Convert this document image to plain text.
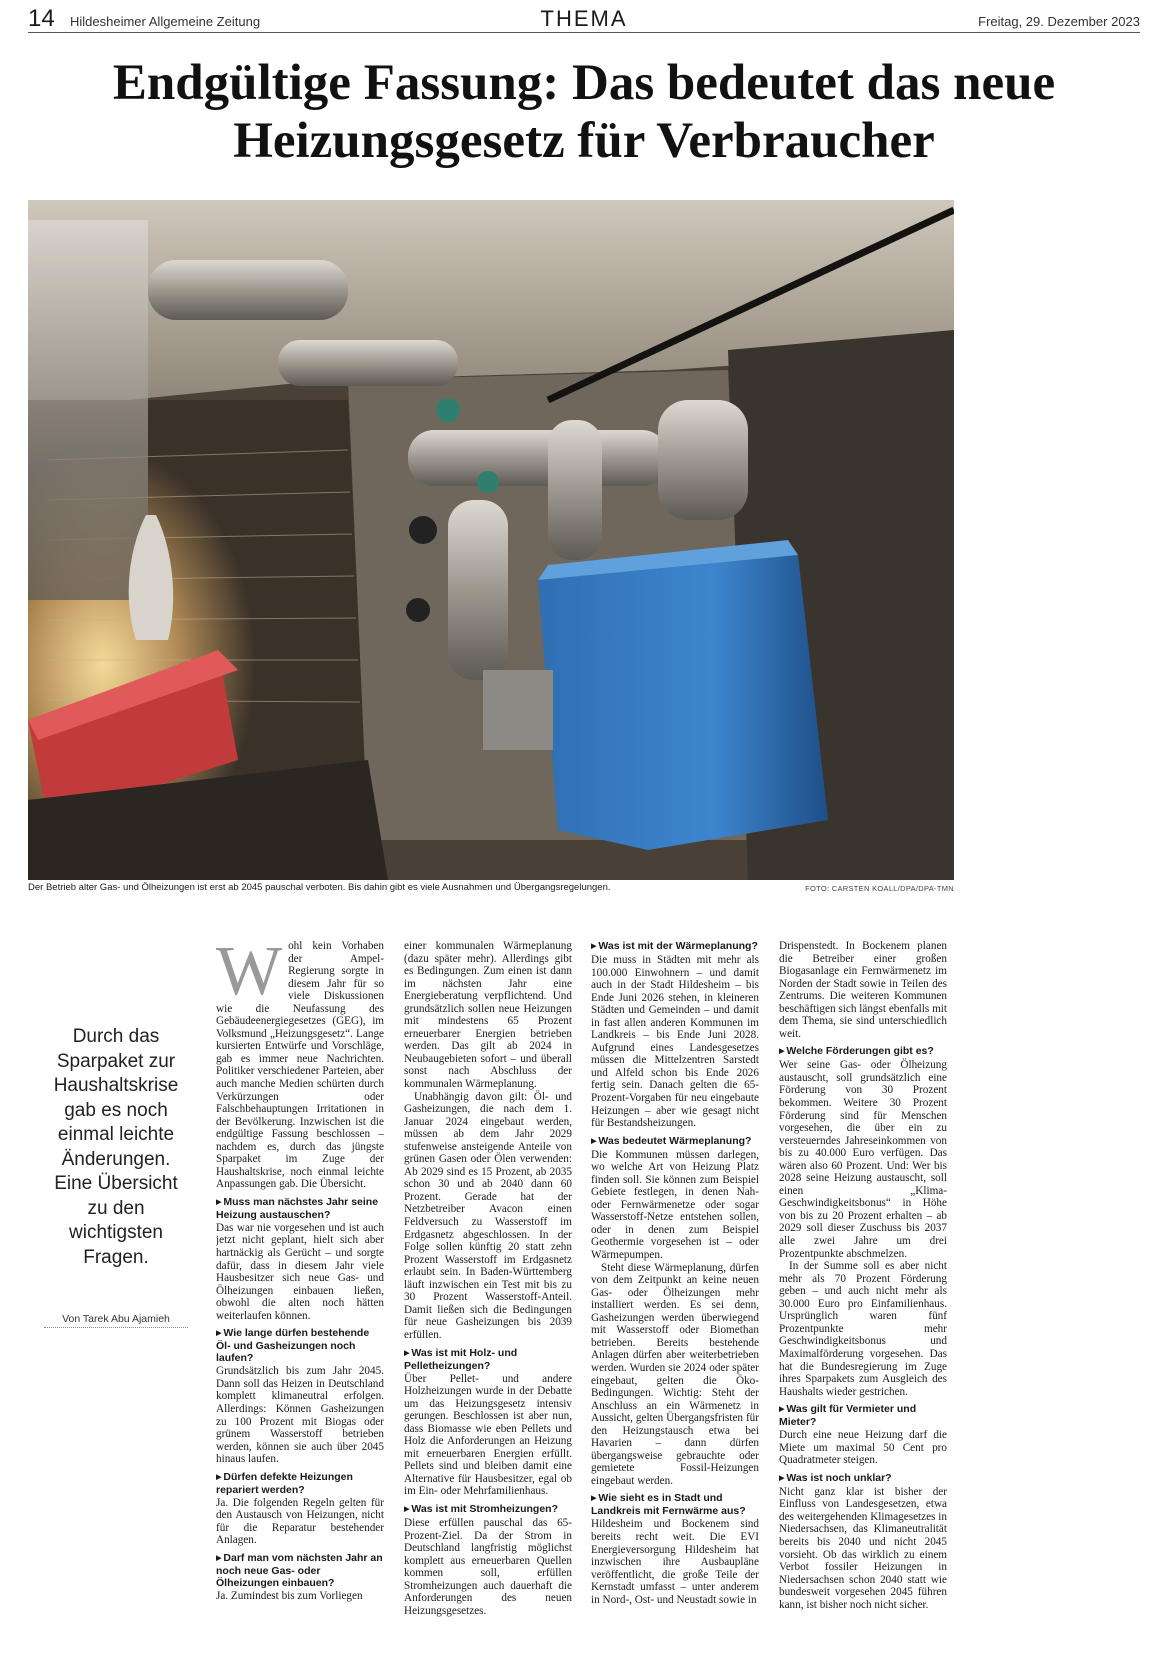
14 Hildesheimer Allgemeine Zeitung	THEMA	Freitag, 29. Dezember 2023
Endgültige Fassung: Das bedeutet das neue Heizungsgesetz für Verbraucher
Der Betrieb alter Gas- und Ölheizungen ist erst ab 2045 pauschal verboten. Bis dahin gibt es viele Ausnahmen und Übergangsregelungen.	FOTO: CARSTEN KOALL/DPA/DPA-TMN
Durch das Sparpaket zur Haushaltskrise gab es noch einmal leichte Änderungen. Eine Übersicht zu den wichtigsten Fragen.
Von Tarek Abu Ajamieh
W ohl kein Vorhaben der Ampel-Regierung sorgte in diesem Jahr für so viele Diskussionen wie die Neufassung des Gebäudeenergiegesetzes (GEG), im Volksmund „Heizungsgesetz“. Lange kursierten Entwürfe und Vorschläge, gab es immer neue Nachrichten. Politiker verschiedener Parteien, aber auch manche Medien schürten durch Verkürzungen oder Falschbehauptungen Irritationen in der Bevölkerung. Inzwischen ist die endgültige Fassung beschlossen – nachdem es, durch das jüngste Sparpaket im Zuge der Haushaltskrise, noch einmal leichte Anpassungen gab. Die Übersicht.

▶ Muss man nächstes Jahr seine Heizung austauschen?

Das war nie vorgesehen und ist auch jetzt nicht geplant, hielt sich aber hartnäckig als Gerücht – und sorgte dafür, dass in diesem Jahr viele Hausbesitzer sich neue Gas- und Ölheizungen einbauen ließen, obwohl die alten noch hätten weiterlaufen können.

▶ Wie lange dürfen bestehende Öl- und Gasheizungen noch laufen?

Grundsätzlich bis zum Jahr 2045. Dann soll das Heizen in Deutschland komplett klimaneutral erfolgen. Allerdings: Können Gasheizungen zu 100 Prozent mit Biogas oder grünem Wasserstoff betrieben werden, können sie auch über 2045 hinaus laufen.

▶ Dürfen defekte Heizungen repariert werden?

Ja. Die folgenden Regeln gelten für den Austausch von Heizungen, nicht für die Reparatur bestehender Anlagen.

▶ Darf man vom nächsten Jahr an noch neue Gas- oder Ölheizungen einbauen?

Ja. Zumindest bis zum Vorliegen

einer kommunalen Wärmeplanung (dazu später mehr). Allerdings gibt es Bedingungen. Zum einen ist dann im nächsten Jahr eine Energieberatung verpflichtend. Und grundsätzlich sollen neue Heizungen mit mindestens 65 Prozent erneuerbarer Energien betrieben werden. Das gilt ab 2024 in Neubaugebieten sofort – und überall sonst nach Abschluss der kommunalen Wärmeplanung.

Unabhängig davon gilt: Öl- und Gasheizungen, die nach dem 1. Januar 2024 eingebaut werden, müssen ab dem Jahr 2029 stufenweise ansteigende Anteile von grünen Gasen oder Ölen verwenden: Ab 2029 sind es 15 Prozent, ab 2035 schon 30 und ab 2040 dann 60 Prozent. Gerade hat der Netzbetreiber Avacon einen Feldversuch zu Wasserstoff im Erdgasnetz abgeschlossen. In der Folge sollen künftig 20 statt zehn Prozent Wasserstoff im Erdgasnetz erlaubt sein. In Baden-Württemberg läuft inzwischen ein Test mit bis zu 30 Prozent Wasserstoff-Anteil. Damit ließen sich die Bedingungen für neue Gasheizungen bis 2039 erfüllen.

▶ Was ist mit Holz- und Pelletheizungen?

Über Pellet- und andere Holzheizungen wurde in der Debatte um das Heizungsgesetz intensiv gerungen. Beschlossen ist aber nun, dass Biomasse wie eben Pellets und Holz die Anforderungen an Heizung mit erneuerbaren Energien erfüllt. Pellets sind und bleiben damit eine Alternative für Hausbesitzer, egal ob im Ein- oder Mehrfamilienhaus.

▶ Was ist mit Stromheizungen?

Diese erfüllen pauschal das 65-Prozent-Ziel. Da der Strom in Deutschland langfristig möglichst komplett aus erneuerbaren Quellen kommen soll, erfüllen Stromheizungen auch dauerhaft die Anforderungen des neuen Heizungsgesetzes.

▶ Was ist mit der Wärmeplanung?

Die muss in Städten mit mehr als 100.000 Einwohnern – und damit auch in der Stadt Hildesheim – bis Ende Juni 2026 stehen, in kleineren Städten und Gemeinden – und damit in fast allen anderen Kommunen im Landkreis – bis Ende Juni 2028. Aufgrund eines Landesgesetzes müssen die Mittelzentren Sarstedt und Alfeld schon bis Ende 2026 fertig sein. Danach gelten die 65-Prozent-Vorgaben für neu eingebaute Heizungen – aber wie gesagt nicht für Bestandsheizungen.

▶ Was bedeutet Wärmeplanung?

Die Kommunen müssen darlegen, wo welche Art von Heizung Platz finden soll. Sie können zum Beispiel Gebiete festlegen, in denen Nah- oder Fernwärmenetze oder sogar Wasserstoff-Netze entstehen sollen, oder in denen zum Beispiel Geothermie vorgesehen ist – oder Wärmepumpen.

Steht diese Wärmeplanung, dürfen von dem Zeitpunkt an keine neuen Gas- oder Ölheizungen mehr installiert werden. Es sei denn, Gasheizungen werden überwiegend mit Wasserstoff oder Biomethan betrieben. Bereits bestehende Anlagen dürfen aber weiterbetrieben werden. Wurden sie 2024 oder später eingebaut, gelten die Öko-Bedingungen. Wichtig: Steht der Anschluss an ein Wärmenetz in Aussicht, gelten Übergangsfristen für den Heizungstausch etwa bei Havarien – dann dürfen übergangsweise gebrauchte oder gemietete Fossil-Heizungen eingebaut werden.

▶ Wie sieht es in Stadt und Landkreis mit Fernwärme aus?

Hildesheim und Bockenem sind bereits recht weit. Die EVI Energieversorgung Hildesheim hat inzwischen ihre Ausbaupläne veröffentlicht, die große Teile der Kernstadt umfasst – unter anderem in Nord-, Ost- und Neustadt sowie in

Drispenstedt. In Bockenem planen die Betreiber einer großen Biogasanlage ein Fernwärmenetz im Norden der Stadt sowie in Teilen des Zentrums. Die weiteren Kommunen beschäftigen sich längst ebenfalls mit dem Thema, sie sind unterschiedlich weit.

▶ Welche Förderungen gibt es?

Wer seine Gas- oder Ölheizung austauscht, soll grundsätzlich eine Förderung von 30 Prozent bekommen. Weitere 30 Prozent Förderung sind für Menschen vorgesehen, die über ein zu versteuerndes Jahreseinkommen von bis zu 40.000 Euro verfügen. Das wären also 60 Prozent. Und: Wer bis 2028 seine Heizung austauscht, soll einen „Klima-Geschwindigkeitsbonus“ in Höhe von bis zu 20 Prozent erhalten – ab 2029 soll dieser Zuschuss bis 2037 alle zwei Jahre um drei Prozentpunkte abschmelzen.

In der Summe soll es aber nicht mehr als 70 Prozent Förderung geben – und auch nicht mehr als 30.000 Euro pro Einfamilienhaus. Ursprünglich waren fünf Prozentpunkte mehr Geschwindigkeitsbonus und Maximalförderung vorgesehen. Das hat die Bundesregierung im Zuge ihres Sparpakets zum Ausgleich des Haushalts wieder gestrichen.

▶ Was gilt für Vermieter und Mieter?

Durch eine neue Heizung darf die Miete um maximal 50 Cent pro Quadratmeter steigen.

▶ Was ist noch unklar?

Nicht ganz klar ist bisher der Einfluss von Landesgesetzen, etwa des weitergehenden Klimagesetzes in Niedersachsen, das Klimaneutralität bereits bis 2040 und nicht 2045 vorsieht. Ob das wirklich zu einem Verbot fossiler Heizungen in Niedersachsen schon 2040 statt wie bundesweit vorgesehen 2045 führen kann, ist bisher noch nicht sicher.
